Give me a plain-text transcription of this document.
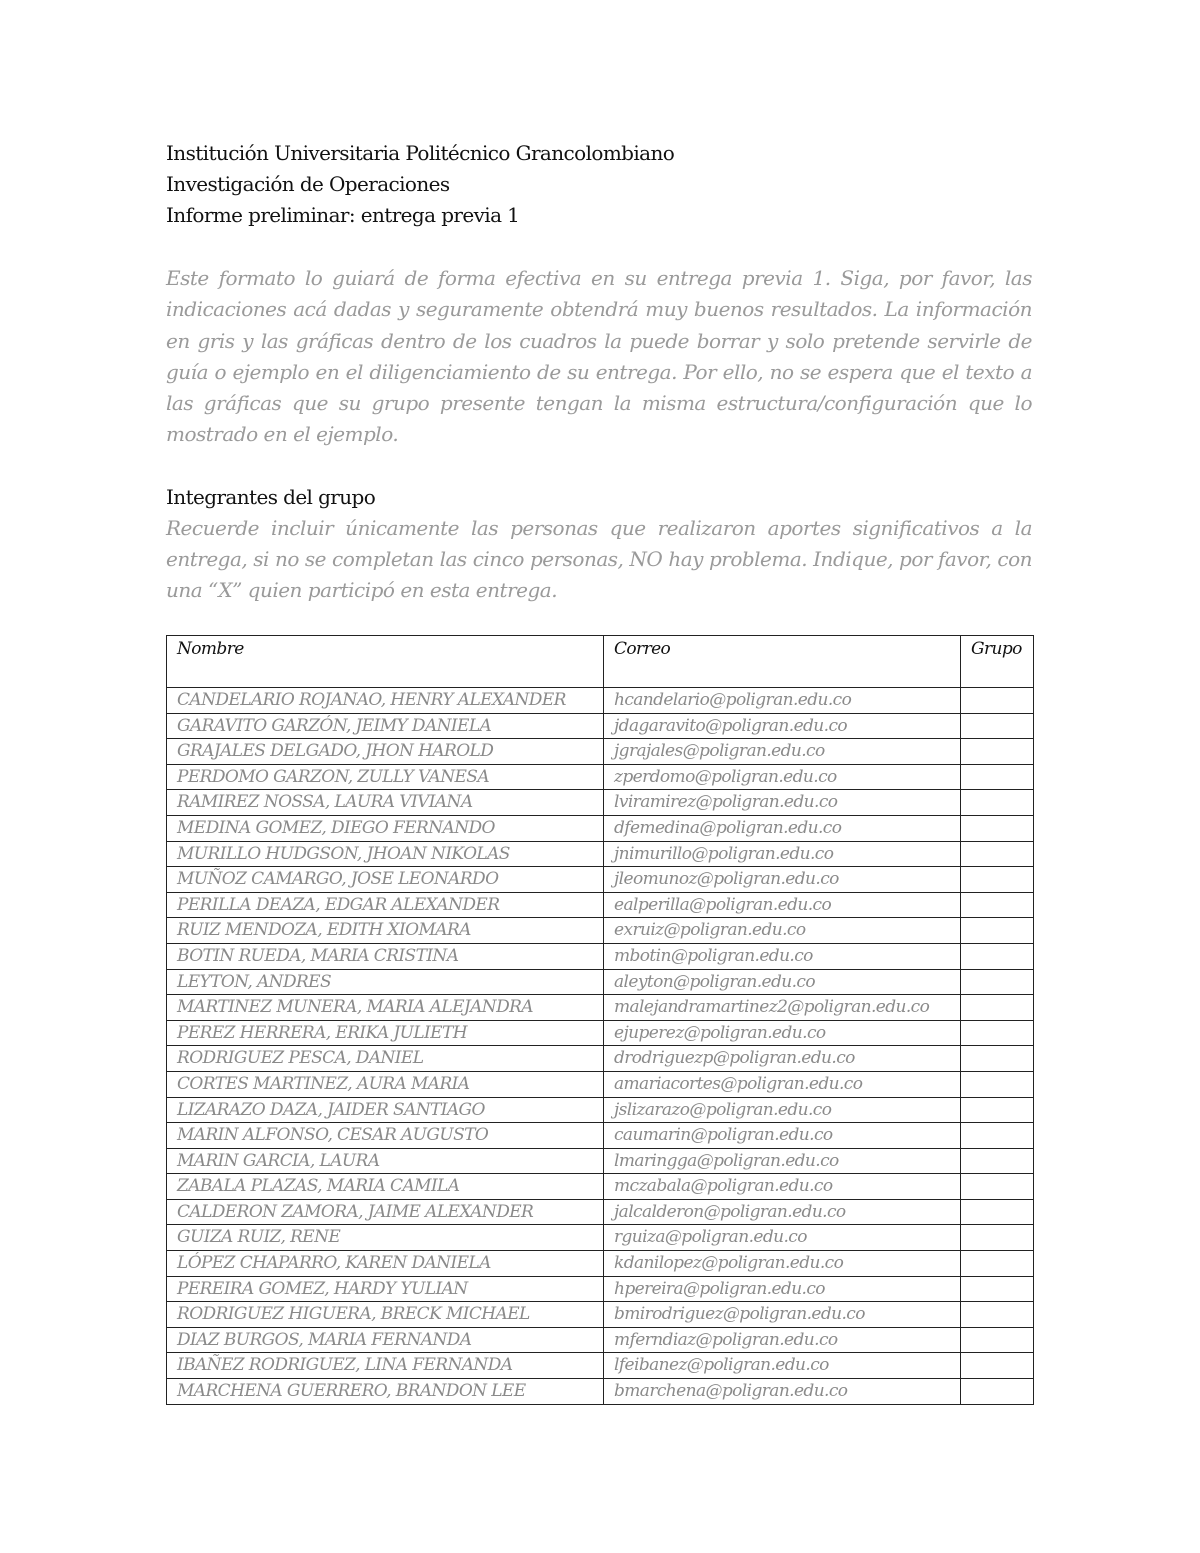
Institución Universitaria Politécnico Grancolombiano
Investigación de Operaciones
Informe preliminar: entrega previa 1
Este formato lo guiará de forma efectiva en su entrega previa 1. Siga, por favor, las indicaciones acá dadas y seguramente obtendrá muy buenos resultados. La información en gris y las gráficas dentro de los cuadros la puede borrar y solo pretende servirle de guía o ejemplo en el diligenciamiento de su entrega. Por ello, no se espera que el texto a las gráficas que su grupo presente tengan la misma estructura/configuración que lo mostrado en el ejemplo.
Integrantes del grupo
Recuerde incluir únicamente las personas que realizaron aportes significativos a la entrega, si no se completan las cinco personas, NO hay problema. Indique, por favor, con una “X” quien participó en esta entrega.
Nombre	Correo	Grupo
CANDELARIO ROJANAO, HENRY ALEXANDER	hcandelario@poligran.edu.co	
GARAVITO GARZÓN, JEIMY DANIELA	jdagaravito@poligran.edu.co	
GRAJALES DELGADO, JHON HAROLD	jgrajales@poligran.edu.co	
PERDOMO GARZON, ZULLY VANESA	zperdomo@poligran.edu.co	
RAMIREZ NOSSA, LAURA VIVIANA	lviramirez@poligran.edu.co	
MEDINA GOMEZ, DIEGO FERNANDO	dfemedina@poligran.edu.co	
MURILLO HUDGSON, JHOAN NIKOLAS	jnimurillo@poligran.edu.co	
MUÑOZ CAMARGO, JOSE LEONARDO	jleomunoz@poligran.edu.co	
PERILLA DEAZA, EDGAR ALEXANDER	ealperilla@poligran.edu.co	
RUIZ MENDOZA, EDITH XIOMARA	exruiz@poligran.edu.co	
BOTIN RUEDA, MARIA CRISTINA	mbotin@poligran.edu.co	
LEYTON, ANDRES	aleyton@poligran.edu.co	
MARTINEZ MUNERA, MARIA ALEJANDRA	malejandramartinez2@poligran.edu.co	
PEREZ HERRERA, ERIKA JULIETH	ejuperez@poligran.edu.co	
RODRIGUEZ PESCA, DANIEL	drodriguezp@poligran.edu.co	
CORTES MARTINEZ, AURA MARIA	amariacortes@poligran.edu.co	
LIZARAZO DAZA, JAIDER SANTIAGO	jslizarazo@poligran.edu.co	
MARIN ALFONSO, CESAR AUGUSTO	caumarin@poligran.edu.co	
MARIN GARCIA, LAURA	lmaringga@poligran.edu.co	
ZABALA PLAZAS, MARIA CAMILA	mczabala@poligran.edu.co	
CALDERON ZAMORA, JAIME ALEXANDER	jalcalderon@poligran.edu.co	
GUIZA RUIZ, RENE	rguiza@poligran.edu.co	
LÓPEZ CHAPARRO, KAREN DANIELA	kdanilopez@poligran.edu.co	
PEREIRA GOMEZ, HARDY YULIAN	hpereira@poligran.edu.co	
RODRIGUEZ HIGUERA, BRECK MICHAEL	bmirodriguez@poligran.edu.co	
DIAZ BURGOS, MARIA FERNANDA	mferndiaz@poligran.edu.co	
IBAÑEZ RODRIGUEZ, LINA FERNANDA	lfeibanez@poligran.edu.co	
MARCHENA GUERRERO, BRANDON LEE	bmarchena@poligran.edu.co	
